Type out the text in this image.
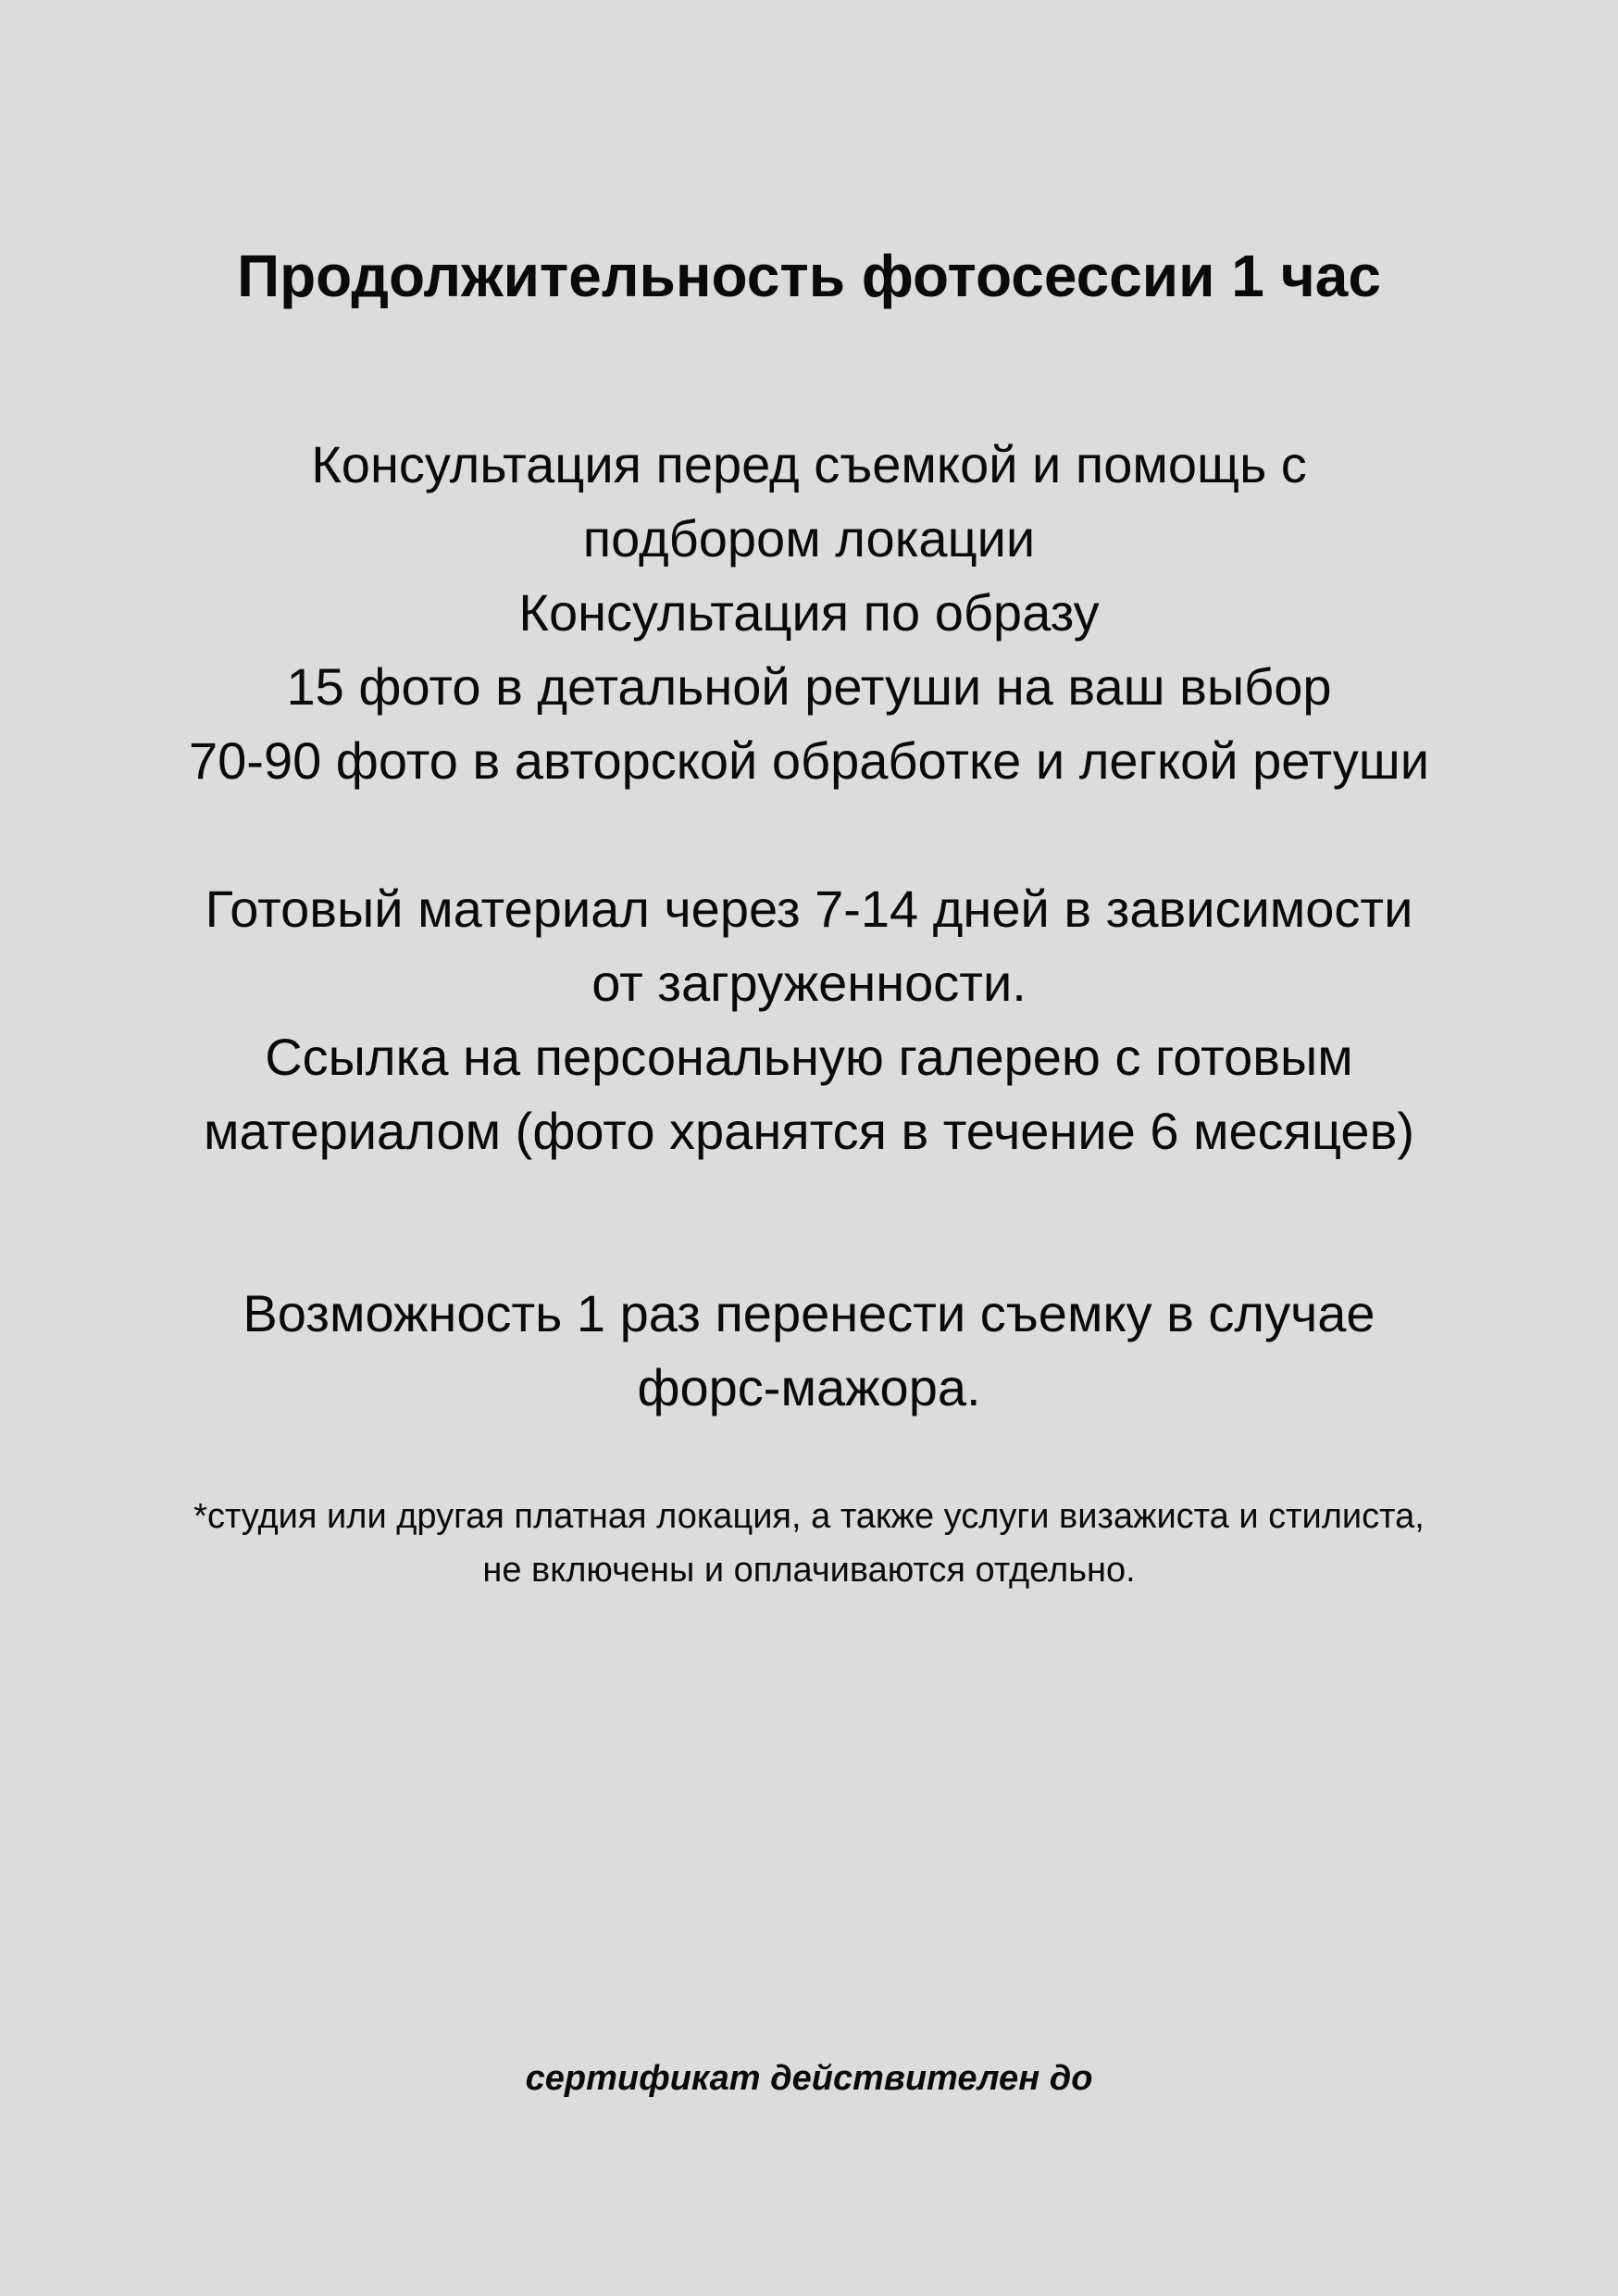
Продолжительность фотосессии 1 час

Консультация перед съемкой и помощь с

подбором локации

Консультация по образу

15 фото в детальной ретуши на ваш выбор

70-90 фото в авторской обработке и легкой ретуши

Готовый материал через 7-14 дней в зависимости

от загруженности.

Ссылка на персональную галерею с готовым

материалом (фото хранятся в течение 6 месяцев)

Возможность 1 раз перенести съемку в случае

форс-мажора.

*студия или другая платная локация, а также услуги визажиста и стилиста,

не включены и оплачиваются отдельно.

сертификат действителен до
